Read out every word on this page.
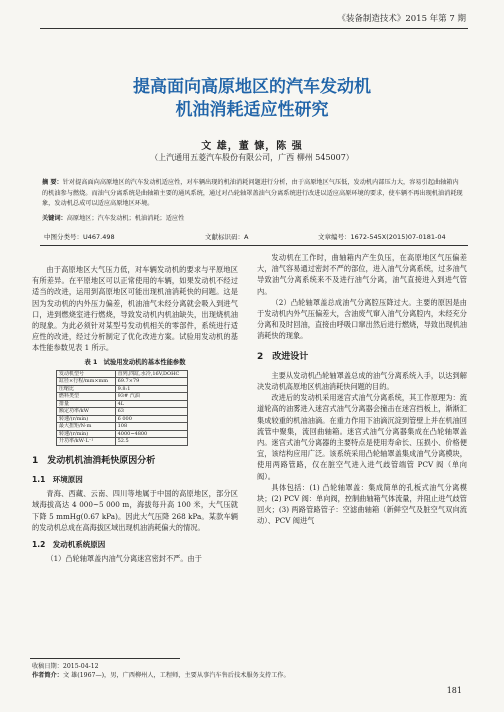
《装备制造技术》2015 年第 7 期
提高面向高原地区的汽车发动机
机油消耗适应性研究
文 雄，董 慷，陈 强
（上汽通用五菱汽车股份有限公司，广西 柳州 545007）
摘 要：针对提高面向高原地区的汽车发动机适应性，对车辆出现的机油消耗问题进行分析，由于高原地区气压低，发动机内部压力大，容易引起曲轴箱内的机油参与燃烧。而油气分离系统是曲轴箱主要的通风系统，通过对凸轮轴罩盖油气分离系统进行改进以适应高原环境的要求，使车辆不再出现机油消耗现象，发动机总成可以适应高原地区环境。
关键词：高原地区；汽车发动机；机油消耗；适应性
中图分类号：U467.498	文献标识码：A	文章编号：1672-545X(2015)07-0181-04

由于高原地区大气压力低，对车辆发动机的要求与平原地区有所差异。在平原地区可以正常使用的车辆，如果发动机不经过适当的改进，运用到高原地区可能出现机油消耗快的问题。这是因为发动机的内外压力偏差，机油油气未经分离就会吸入到进气口，进到燃烧室进行燃烧，导致发动机内机油缺失，出现烧机油的现象。为此必须针对某型号发动机相关的零部件，系统进行适应性的改进，经过分析制定了优化改进方案。试验用发动机的基本性能参数见表 1 所示。

表 1　试验用发动机的基本性能参数
发动机型号	直列,四缸,水冷,16V,DOHC
缸径×行程/mm×mm	69.7×79
压缩比	9.8:1
燃料类型	93# 汽油
排量	4L
额定功率/kW	63
转速/(r/min)	6 000
最大扭矩/N·m	108
转速/(r/min)	4000~4800
升功率/kW·L⁻¹	52.5
1　发动机机油消耗快原因分析
1.1　环境原因

青海、西藏、云南、四川等地属于中国的高原地区，部分区域海拔高达 4 000~5 000 m，海拔每升高 100 米，大气压就下降 5 mmHg(0.67 kPa)。因此大气压降 268 kPa。某款车辆的发动机总成在高海拔区域出现机油消耗偏大的情况。

1.2　发动机系统原因

（1）凸轮轴罩盖内油气分离迷宫密封不严。由于

发动机在工作时，曲轴箱内产生负压，在高原地区气压偏差大，油气容易通过密封不严的部位，进入油气分离系统，过多油气导致油气分离系统来不及进行油气分离，油气直接进入到进气管内。

（2）凸轮轴罩盖总成油气分离腔压降过大。主要的原因是由于发动机内外气压偏差大，含油废气窜入油气分离腔内，未经充分分离和及时回油，直接由呼吸口窜出然后进行燃烧，导致出现机油消耗快的现象。

2　改进设计

主要从发动机凸轮轴罩盖总成的油气分离系统入手，以达到解决发动机高原地区机油消耗快问题的目的。

改进后的发动机采用迷宫式油气分离系统，其工作原理为：流道轮高的油雾进入迷宫式油气分离器会撞击在迷宫挡板上，渐渐汇集成较重的机油油滴。在重力作用下油滴沉淀到管壁上并在机油回流管中聚集，流回曲轴箱。迷宫式油气分离器集成在凸轮轴罩盖内。迷宫式油气分离器的主要特点是使用寿命长、压损小、价格便宜，该结构应用广泛。该系统采用凸轮轴罩盖集成油气分离模块，使用两路管路，仅在脏空气进入进气歧管端管 PCV 阀（单向阀）。

具体包括：(1) 凸轮轴罩盖：集成简单的孔板式油气分离模块；(2) PCV 阀：单向阀，控制曲轴箱气体流量，并阻止进气歧管回火；(3) 两路管路管子：空滤曲轴箱（新鲜空气及脏空气双向流动）、PCV 阀进气

收稿日期：2015-04-12
作者简介：文 雄(1967—)，男，广西柳州人，工程师，主要从事汽车售后技术服务支持工作。
181
